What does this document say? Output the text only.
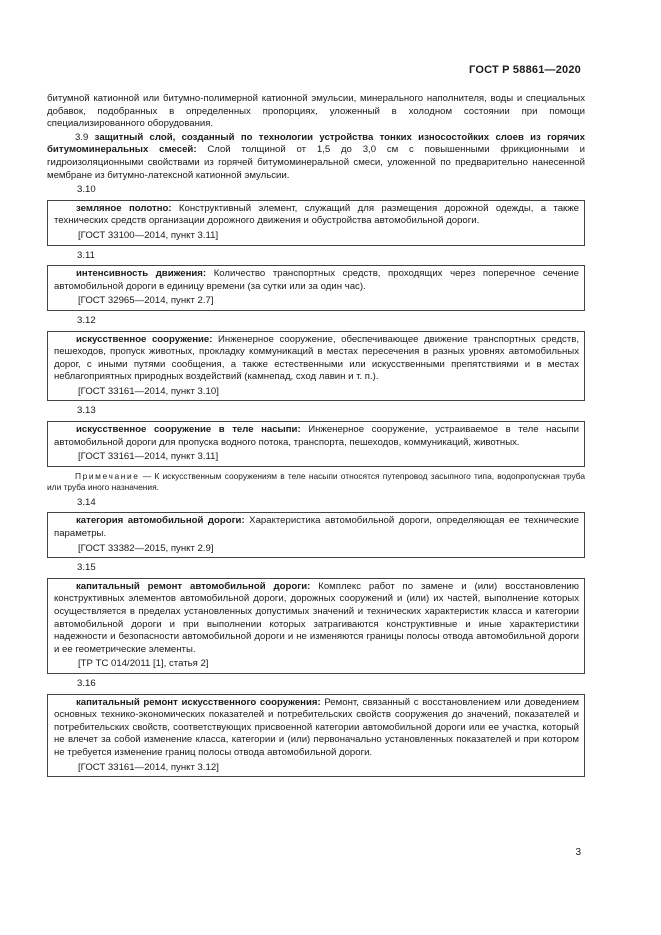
ГОСТ Р 58861—2020

битумной катионной или битумно-полимерной катионной эмульсии, минерального наполнителя, воды и специальных добавок, подобранных в определенных пропорциях, уложенный в холодном состоянии при помощи специализированного оборудования.

3.9 защитный слой, созданный по технологии устройства тонких износостойких слоев из горячих битумоминеральных смесей: Слой толщиной от 1,5 до 3,0 см с повышенными фрикционными и гидроизоляционными свойствами из горячей битумоминеральной смеси, уложенной по предварительно нанесенной мембране из битумно-латексной катионной эмульсии.

3.10

земляное полотно: Конструктивный элемент, служащий для размещения дорожной одежды, а также технических средств организации дорожного движения и обустройства автомобильной дороги.

[ГОСТ 33100—2014, пункт 3.11]
3.11

интенсивность движения: Количество транспортных средств, проходящих через поперечное сечение автомобильной дороги в единицу времени (за сутки или за один час).

[ГОСТ 32965—2014, пункт 2.7]
3.12

искусственное сооружение: Инженерное сооружение, обеспечивающее движение транспортных средств, пешеходов, пропуск животных, прокладку коммуникаций в местах пересечения в разных уровнях автомобильных дорог, с иными путями сообщения, а также естественными или искусственными препятствиями и в местах неблагоприятных природных воздействий (камнепад, сход лавин и т. п.).

[ГОСТ 33161—2014, пункт 3.10]
3.13

искусственное сооружение в теле насыпи: Инженерное сооружение, устраиваемое в теле насыпи автомобильной дороги для пропуска водного потока, транспорта, пешеходов, коммуникаций, животных.

[ГОСТ 33161—2014, пункт 3.11]

Примечание — К искусственным сооружениям в теле насыпи относятся путепровод засыпного типа, водопропускная труба или труба иного назначения.

3.14

категория автомобильной дороги: Характеристика автомобильной дороги, определяющая ее технические параметры.

[ГОСТ 33382—2015, пункт 2.9]
3.15

капитальный ремонт автомобильной дороги: Комплекс работ по замене и (или) восстановлению конструктивных элементов автомобильной дороги, дорожных сооружений и (или) их частей, выполнение которых осуществляется в пределах установленных допустимых значений и технических характеристик класса и категории автомобильной дороги и при выполнении которых затрагиваются конструктивные и иные характеристики надежности и безопасности автомобильной дороги и не изменяются границы полосы отвода автомобильной дороги и ее геометрические элементы.

[ТР ТС 014/2011 [1], статья 2]
3.16

капитальный ремонт искусственного сооружения: Ремонт, связанный с восстановлением или доведением основных технико-экономических показателей и потребительских свойств сооружения до значений, показателей и потребительских свойств, соответствующих присвоенной категории автомобильной дороги или ее участка, который не влечет за собой изменение класса, категории и (или) первоначально установленных показателей и при котором не требуется изменение границ полосы отвода автомобильной дороги.

[ГОСТ 33161—2014, пункт 3.12]
3
